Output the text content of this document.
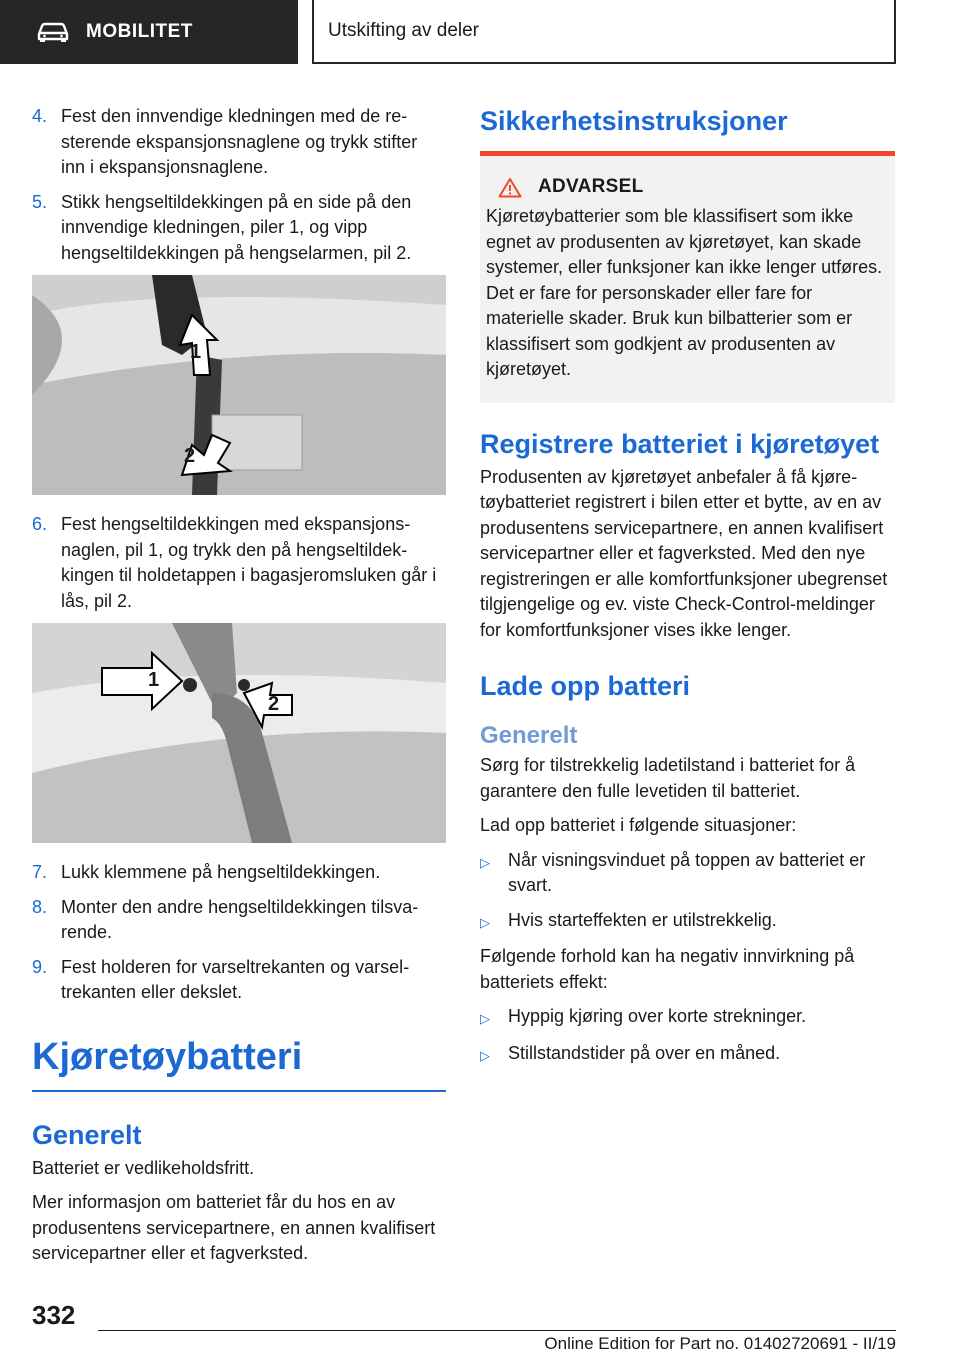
MOBILITET	Utskifting av deler
4. Fest den innvendige kledningen med de resterende ekspansjonsnaglene og trykk stifter inn i ekspansjonsnaglene.
5. Stikk hengseltildekkingen på en side på den innvendige kledningen, piler 1, og vipp hengseltildekkingen på hengselarmen, pil 2.
1
2
6. Fest hengseltildekkingen med ekspansjonsnaglen, pil 1, og trykk den på hengseltildekkingen til holdetappen i bagasjeromsluken går i lås, pil 2.
1
2
7. Lukk klemmene på hengseltildekkingen.
8. Monter den andre hengseltildekkingen tilsvarende.
9. Fest holderen for varseltrekanten og varseltrekanten eller dekslet.
Kjøretøybatteri
Generelt

Batteriet er vedlikeholdsfritt.

Mer informasjon om batteriet får du hos en av produsentens servicepartnere, en annen kvalifisert servicepartner eller et fagverksted.

Sikkerhetsinstruksjoner
ADVARSEL

Kjøretøybatterier som ble klassifisert som ikke egnet av produsenten av kjøretøyet, kan skade systemer, eller funksjoner kan ikke lenger utføres. Det er fare for personskader eller fare for materielle skader. Bruk kun bilbatterier som er klassifisert som godkjent av produsenten av kjøretøyet.

Registrere batteriet i kjøretøyet

Produsenten av kjøretøyet anbefaler å få kjøretøybatteriet registrert i bilen etter et bytte, av en av produsentens servicepartnere, en annen kvalifisert servicepartner eller et fagverksted. Med den nye registreringen er alle komfortfunksjoner ubegrenset tilgjengelige og ev. viste Check-Control-meldinger for komfortfunksjoner vises ikke lenger.

Lade opp batteri
Generelt

Sørg for tilstrekkelig ladetilstand i batteriet for å garantere den fulle levetiden til batteriet.

Lad opp batteriet i følgende situasjoner:

▷	Når visningsvinduet på toppen av batteriet er svart.
▷	Hvis starteffekten er utilstrekkelig.

Følgende forhold kan ha negativ innvirkning på batteriets effekt:

▷	Hyppig kjøring over korte strekninger.
▷	Stillstandstider på over en måned.
332
Online Edition for Part no. 01402720691 - II/19
